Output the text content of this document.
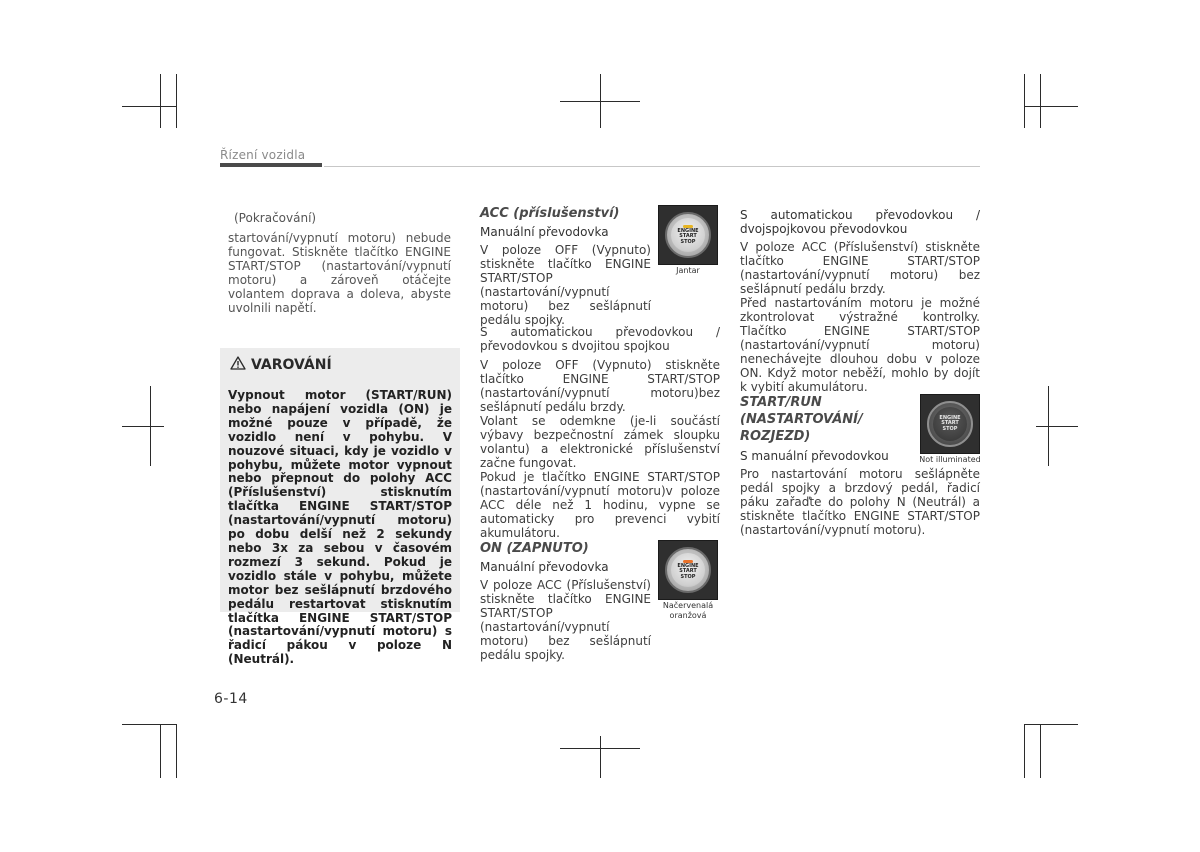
Řízení vozidla
(Pokračování)
startování/vypnutí motoru) nebude fungovat. Stiskněte tlačítko ENGINE START/STOP (nastartování/vypnutí motoru) a zároveň otáčejte volantem doprava a doleva, abyste uvolnili napětí.
VAROVÁNÍ
Vypnout motor (START/RUN) nebo napájení vozidla (ON) je možné pouze v případě, že vozidlo není v pohybu. V nouzové situaci, kdy je vozidlo v pohybu, můžete motor vypnout nebo přepnout do polohy ACC (Příslušenství) stisknutím tlačítka ENGINE START/STOP (nastartování/vypnutí motoru) po dobu delší než 2 sekundy nebo 3x za sebou v časovém rozmezí 3 sekund. Pokud je vozidlo stále v pohybu, můžete motor bez sešlápnutí brzdového pedálu restartovat stisknutím tlačítka ENGINE START/STOP (nastartování/vypnutí motoru) s řadicí pákou v poloze N (Neutrál).
ACC (příslušenství)
Manuální převodovka
V poloze OFF (Vypnuto) stiskněte tlačítko ENGINE START/STOP (nastartování/vypnutí motoru) bez sešlápnutí pedálu spojky.
ENGINE
START
STOP
Jantar
S automatickou převodovkou / převodovkou s dvojitou spojkou
V poloze OFF (Vypnuto) stiskněte tlačítko ENGINE START/STOP (nastartování/vypnutí motoru)bez sešlápnutí pedálu brzdy.
Volant se odemkne (je-li součástí výbavy bezpečnostní zámek sloupku volantu) a elektronické příslušenství začne fungovat.
Pokud je tlačítko ENGINE START/STOP (nastartování/vypnutí motoru)v poloze ACC déle než 1 hodinu, vypne se automaticky pro prevenci vybití akumulátoru.
ON (ZAPNUTO)
Manuální převodovka
V poloze ACC (Příslušenství) stiskněte tlačítko ENGINE START/STOP (nastartování/vypnutí motoru) bez sešlápnutí pedálu spojky.
ENGINE
START
STOP
Načervenalá
oranžová
S automatickou převodovkou / dvojspojkovou převodovkou
V poloze ACC (Příslušenství) stiskněte tlačítko ENGINE START/STOP (nastartování/vypnutí motoru) bez sešlápnutí pedálu brzdy.
Před nastartováním motoru je možné zkontrolovat výstražné kontrolky. Tlačítko ENGINE START/STOP (nastartování/vypnutí motoru) nenechávejte dlouhou dobu v poloze ON. Když motor neběží, mohlo by dojít k vybití akumulátoru.
START/RUN
(NASTARTOVÁNÍ/
ROZJEZD)
S manuální převodovkou
Pro nastartování motoru sešlápněte pedál spojky a brzdový pedál, řadicí páku zařaďte do polohy N (Neutrál) a stiskněte tlačítko ENGINE START/STOP (nastartování/vypnutí motoru).
ENGINE
START
STOP
Not illuminated
6-14
